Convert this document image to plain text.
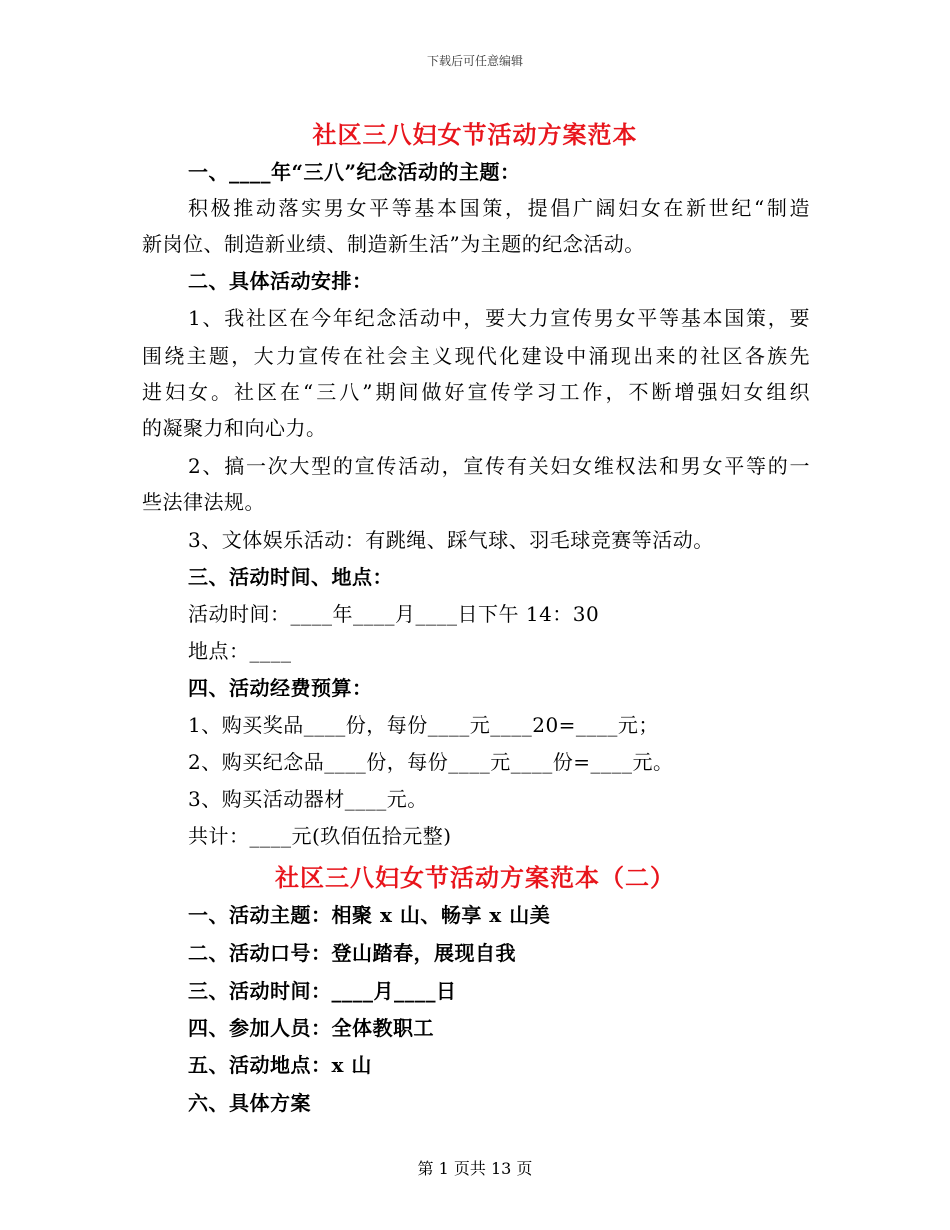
下载后可任意编辑
社区三八妇女节活动方案范本
一、____年“三八”纪念活动的主题：
积极推动落实男女平等基本国策，提倡广阔妇女在新世纪“制造
新岗位、制造新业绩、制造新生活”为主题的纪念活动。
二、具体活动安排：
1、我社区在今年纪念活动中，要大力宣传男女平等基本国策，要
围绕主题，大力宣传在社会主义现代化建设中涌现出来的社区各族先
进妇女。社区在“三八”期间做好宣传学习工作，不断增强妇女组织
的凝聚力和向心力。
2、搞一次大型的宣传活动，宣传有关妇女维权法和男女平等的一
些法律法规。
3、文体娱乐活动：有跳绳、踩气球、羽毛球竞赛等活动。
三、活动时间、地点：
活动时间：____年____月____日下午 14：30
地点：____
四、活动经费预算：
1、购买奖品____份，每份____元____20=____元；
2、购买纪念品____份，每份____元____份=____元。
3、购买活动器材____元。
共计：____元(玖佰伍拾元整)
社区三八妇女节活动方案范本（二）
一、活动主题：相聚 x 山、畅享 x 山美
二、活动口号：登山踏春，展现自我
三、活动时间：____月____日
四、参加人员：全体教职工
五、活动地点：x 山
六、具体方案
第 1 页共 13 页
